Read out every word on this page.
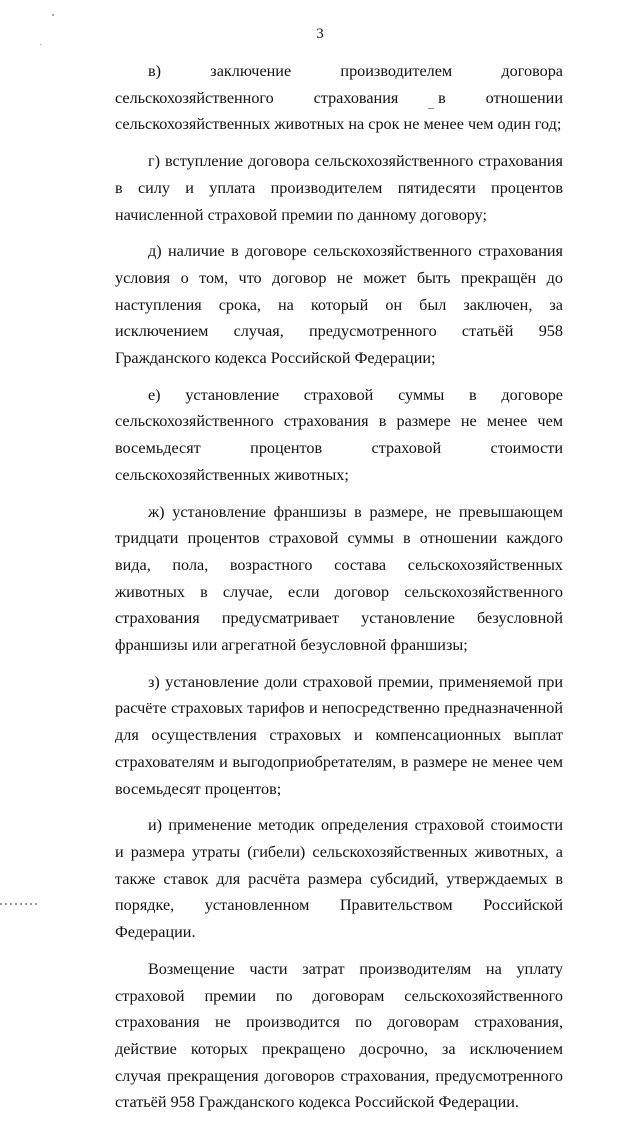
3

в) заключение производителем договора сельскохозяйственного страхования в отношении сельскохозяйственных животных на срок не менее чем один год;

г) вступление договора сельскохозяйственного страхования в силу и уплата производителем пятидесяти процентов начисленной страховой премии по данному договору;

д) наличие в договоре сельскохозяйственного страхования условия о том, что договор не может быть прекращён до наступления срока, на который он был заключен, за исключением случая, предусмотренного статьёй 958 Гражданского кодекса Российской Федерации;

е) установление страховой суммы в договоре сельскохозяйственного страхования в размере не менее чем восемьдесят процентов страховой стоимости сельскохозяйственных животных;

ж) установление франшизы в размере, не превышающем тридцати процентов страховой суммы в отношении каждого вида, пола, возрастного состава сельскохозяйственных животных в случае, если договор сельскохозяйственного страхования предусматривает установление безусловной франшизы или агрегатной безусловной франшизы;

з) установление доли страховой премии, применяемой при расчёте страховых тарифов и непосредственно предназначенной для осуществления страховых и компенсационных выплат страхователям и выгодоприобретателям, в размере не менее чем восемьдесят процентов;

и) применение методик определения страховой стоимости и размера утраты (гибели) сельскохозяйственных животных, а также ставок для расчёта размера субсидий, утверждаемых в порядке, установленном Правительством Российской Федерации.

Возмещение части затрат производителям на уплату страховой премии по договорам сельскохозяйственного страхования не производится по договорам страхования, действие которых прекращено досрочно, за исключением случая прекращения договоров страхования, предусмотренного статьёй 958 Гражданского кодекса Российской Федерации.
